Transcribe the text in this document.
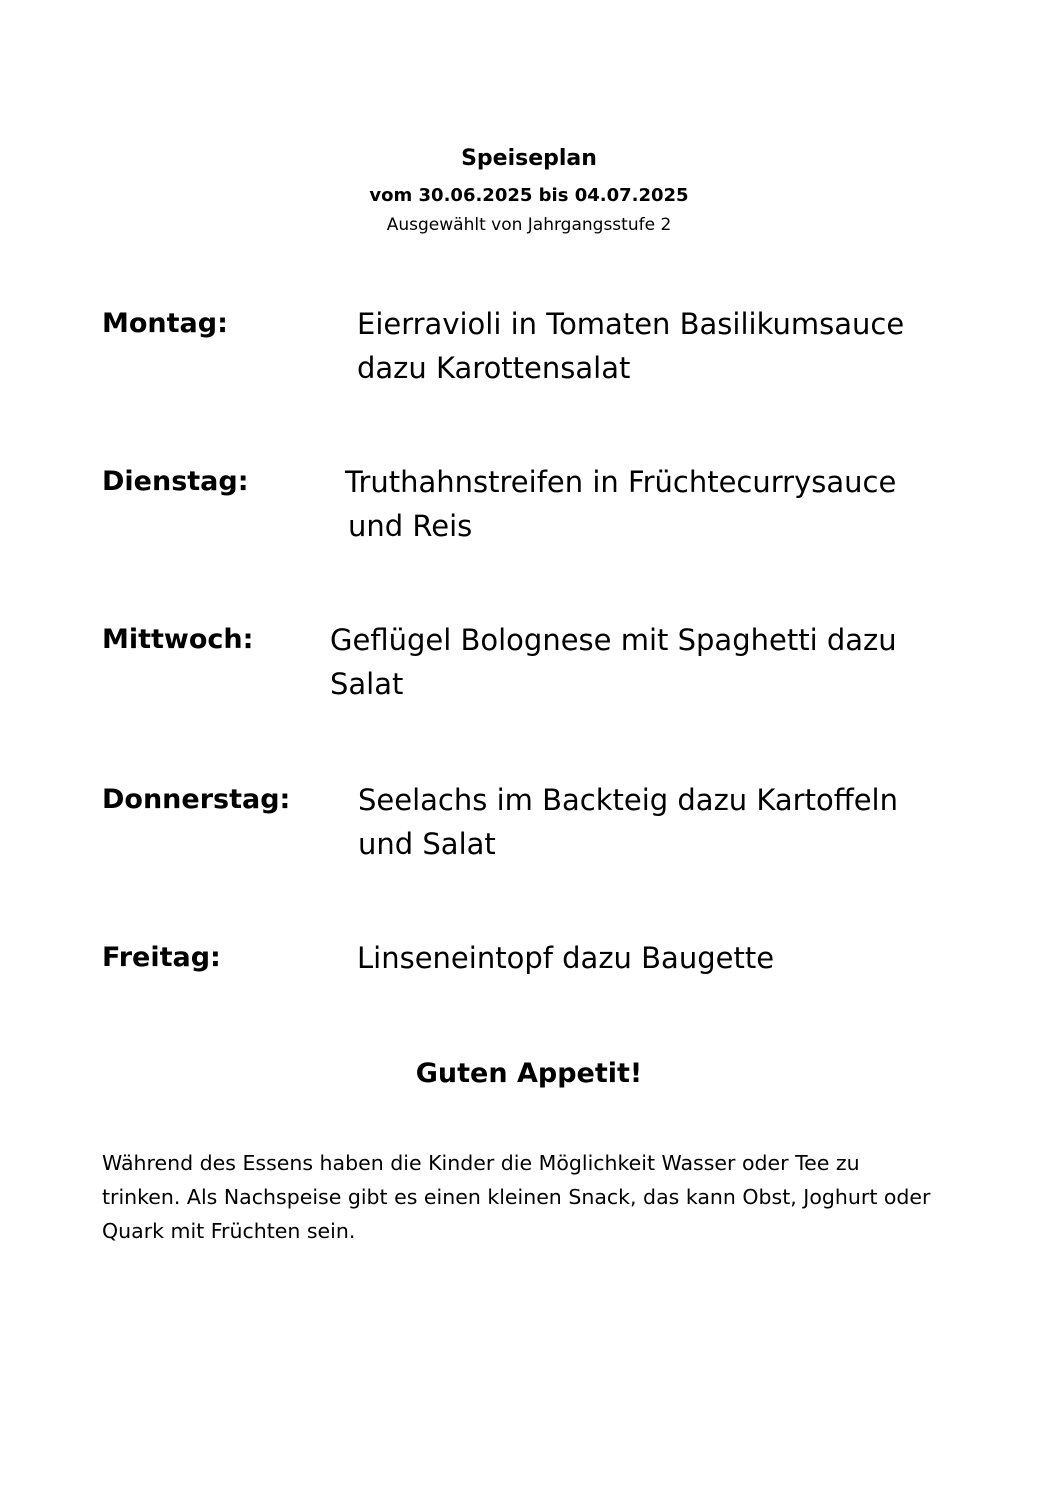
Speiseplan
vom 30.06.2025 bis 04.07.2025
Ausgewählt von Jahrgangsstufe 2
Montag:	Eierravioli in Tomaten Basilikumsauce
dazu Karottensalat
Dienstag:	Truthahnstreifen in Früchtecurrysauce
und Reis
Mittwoch:	Geflügel Bolognese mit Spaghetti dazu
Salat
Donnerstag: Seelachs im Backteig dazu Kartoffeln
und Salat
Freitag:	Linseneintopf dazu Baugette
Guten Appetit!
Während des Essens haben die Kinder die Möglichkeit Wasser oder Tee zu trinken. Als Nachspeise gibt es einen kleinen Snack, das kann Obst, Joghurt oder Quark mit Früchten sein.
